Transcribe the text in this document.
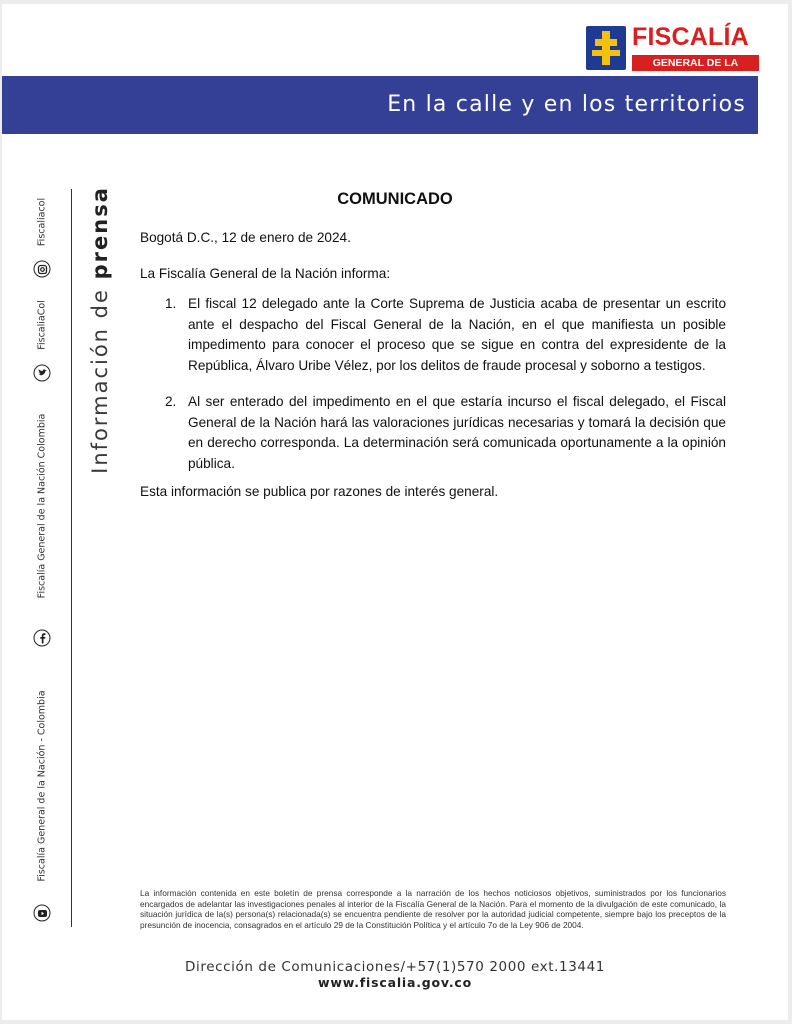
FISCALÍA
GENERAL DE LA
En la calle y en los territorios
Información de prensa
Fiscaliacol
FiscaliaCol
Fiscalía General de la Nación Colombia
Fiscalía General de la Nación - Colombia
COMUNICADO
Bogotá D.C., 12 de enero de 2024.
La Fiscalía General de la Nación informa:
1. El fiscal 12 delegado ante la Corte Suprema de Justicia acaba de presentar un escrito ante el despacho del Fiscal General de la Nación, en el que manifiesta un posible impedimento para conocer el proceso que se sigue en contra del expresidente de la República, Álvaro Uribe Vélez, por los delitos de fraude procesal y soborno a testigos.
2. Al ser enterado del impedimento en el que estaría incurso el fiscal delegado, el Fiscal General de la Nación hará las valoraciones jurídicas necesarias y tomará la decisión que en derecho corresponda. La determinación será comunicada oportunamente a la opinión pública.
Esta información se publica por razones de interés general.
La información contenida en este boletín de prensa corresponde a la narración de los hechos noticiosos objetivos, suministrados por los funcionarios encargados de adelantar las investigaciones penales al interior de la Fiscalía General de la Nación. Para el momento de la divulgación de este comunicado, la situación jurídica de la(s) persona(s) relacionada(s) se encuentra pendiente de resolver por la autoridad judicial competente, siempre bajo los preceptos de la presunción de inocencia, consagrados en el artículo 29 de la Constitución Política y el artículo 7o de la Ley 906 de 2004.
Dirección de Comunicaciones/+57(1)570 2000 ext.13441
www.fiscalia.gov.co
